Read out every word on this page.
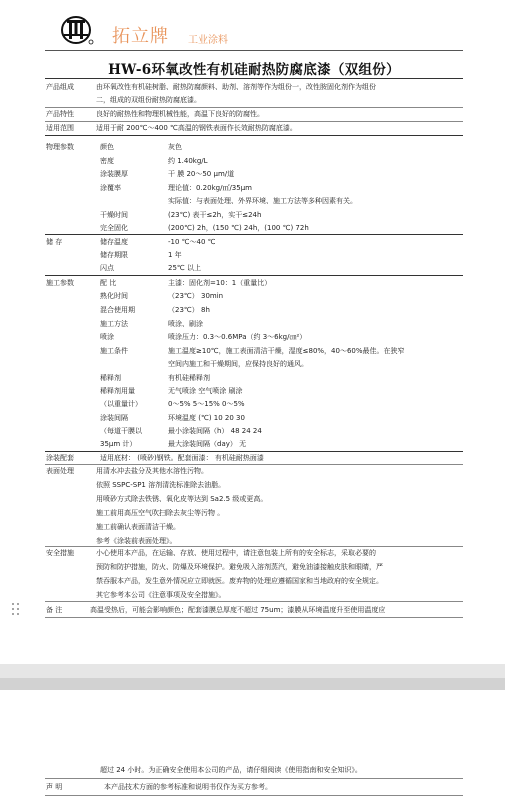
拓立牌 工业涂料
HW-6环氧改性有机硅耐热防腐底漆（双组份）
产品组成	由环氧改性有机硅树脂、耐热防腐颜料、助剂、溶剂等作为组份一，改性胺固化剂作为组份
二，组成的双组份耐热防腐底漆。
产品特性	良好的耐热性和物理机械性能，高温下良好的防腐性。
适用范围	适用于耐 200℃～400 ℃高温的钢铁表面作长效耐热防腐底漆。
物理参数	颜色	灰色
密度	约 1.40kg/L
涂装膜厚	干 膜 20～50 μm/道
涂覆率	理论值：0.20kg/㎡/35μm
实际值：与表面处理、外界环境、施工方法等多种因素有关。
干燥时间	(23℃) 表干≤2h，实干≤24h
完全固化	(200℃) 2h，(150 ℃) 24h，(100 ℃) 72h
储 存	储存温度	-10 ℃～40 ℃
储存期限	1 年
闪点	25℃ 以上
施工参数	配 比	主漆：固化剂=10：1（重量比）
熟化时间	（23℃） 30min
混合使用期	（23℃） 8h
施工方法	喷涂、刷涂
喷涂	喷涂压力：0.3～0.6MPa（约 3～6kg/㎝²）
施工条件	施工温度≥10℃，施工表面清洁干燥，湿度≤80%，40～60%最佳。在狭窄
空间内施工和干燥期间，应保持良好的通风。
稀释剂	有机硅稀释剂
稀释剂用量	无气喷涂 空气喷涂 刷涂
（以重量计）	0～5% 5～15% 0～5%
涂装间隔	环境温度 (℃) 10 20 30
（每道干膜以	最小涂装间隔（h） 48 24 24
35μm 计）	最大涂装间隔（day） 无
涂装配套	适用底材： (喷砂)钢铁。配套面漆： 有机硅耐热面漆
表面处理	用清水冲去盐分及其他水溶性污物。
依照 SSPC-SP1 溶剂清洗标准除去油脂。
用喷砂方式除去铁锈、氧化皮等达到 Sa2.5 级或更高。
施工前用高压空气吹扫除去灰尘等污物 。
施工前确认表面清洁干燥。
参考《涂装前表面处理》。
安全措施	小心使用本产品，在运输、存放、使用过程中，请注意包装上所有的安全标志，采取必要的
预防和防护措施，防火、防爆及环境保护。避免吸入溶剂蒸汽，避免油漆接触皮肤和眼睛，严
禁吞服本产品，发生意外情况应立即就医。废弃物的处理应遵循国家和当地政府的安全规定。
其它参考本公司《注意事项及安全措施》。
备 注	高温受热后，可能会影响颜色；配套漆膜总厚度不超过 75um；漆膜从环境温度升至使用温度应
超过 24 小时。为正确安全使用本公司的产品，请仔细阅读《使用指南和安全知识》。
声 明	本产品技术方面的参考标准和说明书仅作为买方参考。
